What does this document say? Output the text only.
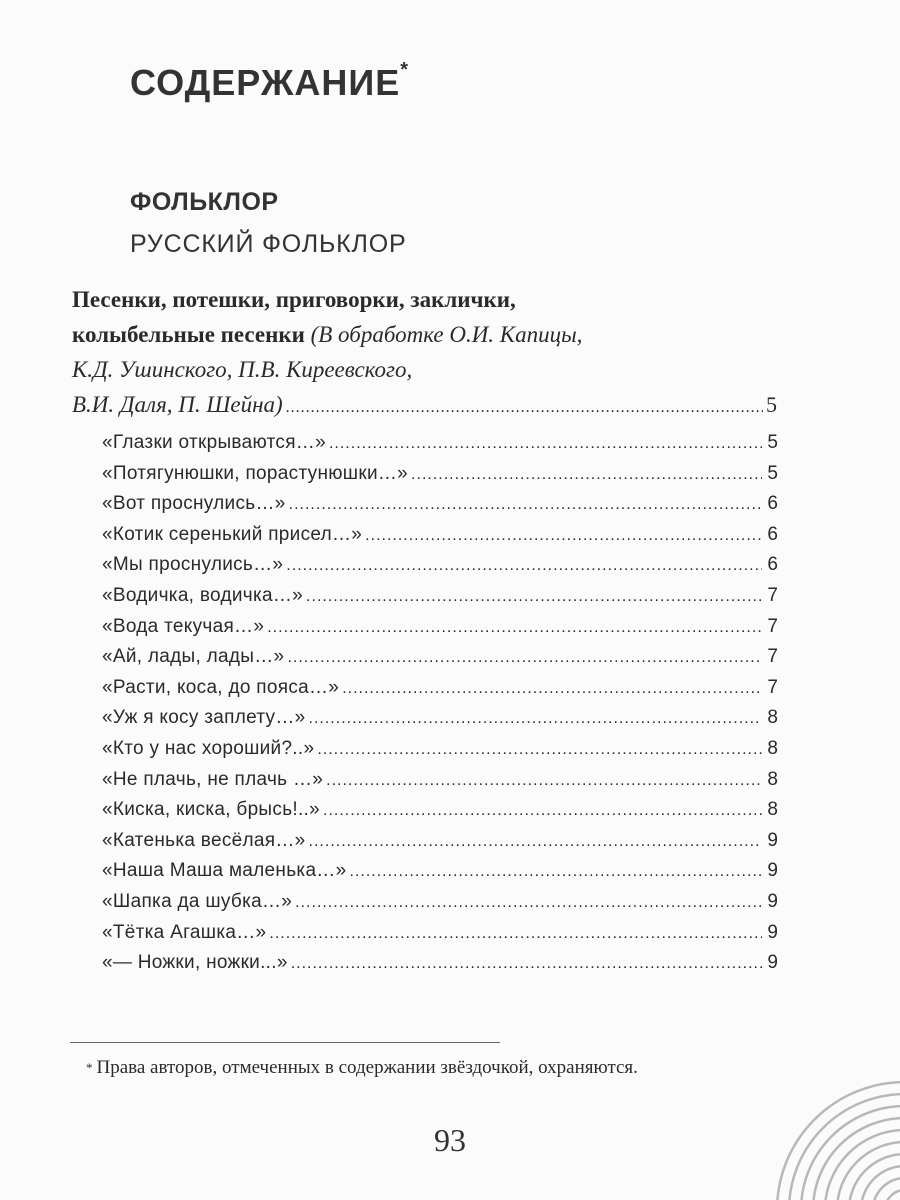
СОДЕРЖАНИЕ*
ФОЛЬКЛОР
РУССКИЙ ФОЛЬКЛОР
Песенки, потешки, приговорки, заклички,
колыбельные песенки (В обработке О.И. Капицы,
К.Д. Ушинского, П.В. Киреевского,
В.И. Даля, П. Шейна) .....	5
«Глазки открываются…» .....	5
«Потягунюшки, порастунюшки…» .....	5
«Вот проснулись…» .....	6
«Котик серенький присел…» .....	6
«Мы проснулись…» .....	6
«Водичка, водичка…» .....	7
«Вода текучая…» .....	7
«Ай, лады, лады…» .....	7
«Расти, коса, до пояса…» .....	7
«Уж я косу заплету…» .....	8
«Кто у нас хороший?..» .....	8
«Не плачь, не плачь …» .....	8
«Киска, киска, брысь!..» .....	8
«Катенька весёлая…» .....	9
«Наша Маша маленька…» .....	9
«Шапка да шубка…» .....	9
«Тётка Агашка…» .....	9
«— Ножки, ножки...» .....	9
* Права авторов, отмеченных в содержании звёздочкой, охраняются.
93
